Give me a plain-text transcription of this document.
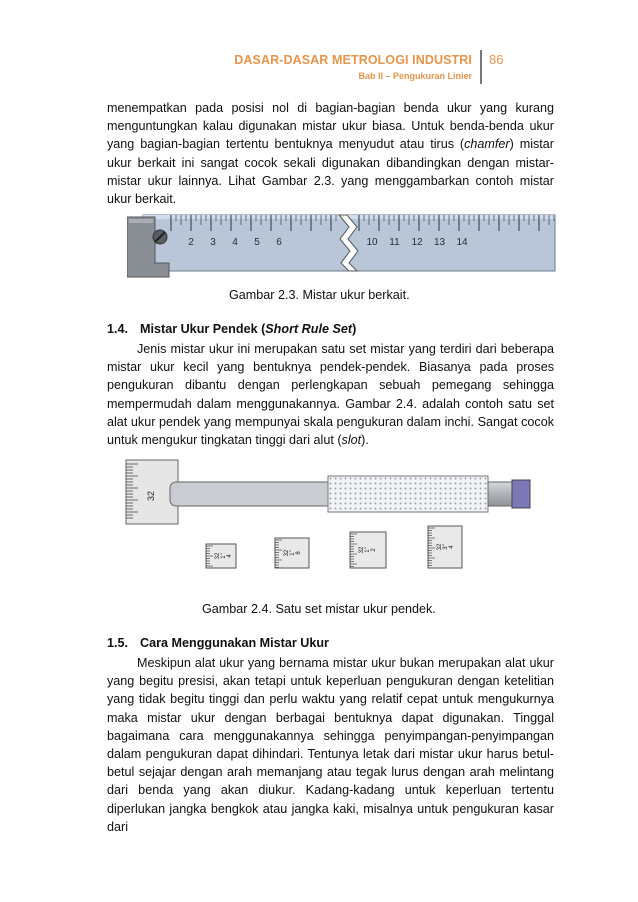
DASAR-DASAR METROLOGI INDUSTRI
Bab II – Pengukuran Linier
86

menempatkan pada posisi nol di bagian-bagian benda ukur yang kurang menguntungkan kalau digunakan mistar ukur biasa. Untuk benda-benda ukur yang bagian-bagian tertentu bentuknya menyudut atau tirus (chamfer) mistar ukur berkait ini sangat cocok sekali digunakan dibandingkan dengan mistar-mistar ukur lainnya. Lihat Gambar 2.3. yang menggambarkan contoh mistar ukur berkait.

2 3 4 5 6	10 11 12 13 14
Gambar 2.3. Mistar ukur berkait.
1.4. Mistar Ukur Pendek (Short Rule Set)

Jenis mistar ukur ini merupakan satu set mistar yang terdiri dari beberapa mistar ukur kecil yang bentuknya pendek-pendek. Biasanya pada proses pengukuran dibantu dengan perlengkapan sebuah pemegang sehingga mempermudah dalam menggunakannya. Gambar 2.4. adalah contoh satu set alat ukur pendek yang mempunyai skala pengukuran dalam inchi. Sangat cocok untuk mengukur tingkatan tinggi dari alut (slot).

32
32 1" 4	32 1" 8	32 1" 2	32 3" 4
Gambar 2.4. Satu set mistar ukur pendek.
1.5. Cara Menggunakan Mistar Ukur

Meskipun alat ukur yang bernama mistar ukur bukan merupakan alat ukur yang begitu presisi, akan tetapi untuk keperluan pengukuran dengan ketelitian yang tidak begitu tinggi dan perlu waktu yang relatif cepat untuk mengukurnya maka mistar ukur dengan berbagai bentuknya dapat digunakan. Tinggal bagaimana cara menggunakannya sehingga penyimpangan-penyimpangan dalam pengukuran dapat dihindari. Tentunya letak dari mistar ukur harus betul-betul sejajar dengan arah memanjang atau tegak lurus dengan arah melintang dari benda yang akan diukur. Kadang-kadang untuk keperluan tertentu diperlukan jangka bengkok atau jangka kaki, misalnya untuk pengukuran kasar dari
